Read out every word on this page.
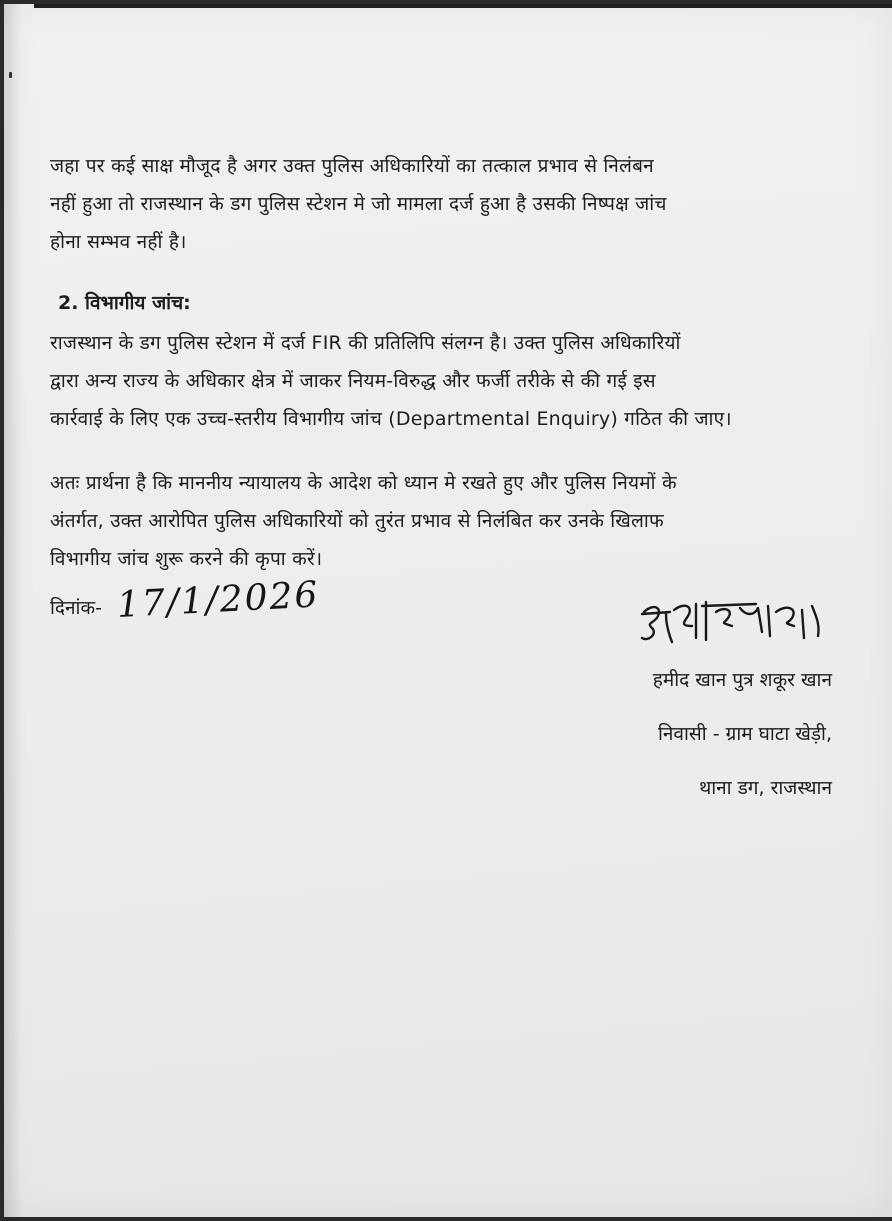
जहा पर कई साक्ष मौजूद है अगर उक्त पुलिस अधिकारियों का तत्काल प्रभाव से निलंबन
नहीं हुआ तो राजस्थान के डग पुलिस स्टेशन मे जो मामला दर्ज हुआ है उसकी निष्पक्ष जांच
होना सम्भव नहीं है।
2. विभागीय जांच:
राजस्थान के डग पुलिस स्टेशन में दर्ज FIR की प्रतिलिपि संलग्न है। उक्त पुलिस अधिकारियों
द्वारा अन्य राज्य के अधिकार क्षेत्र में जाकर नियम-विरुद्ध और फर्जी तरीके से की गई इस
कार्रवाई के लिए एक उच्च-स्तरीय विभागीय जांच (Departmental Enquiry) गठित की जाए।
अतः प्रार्थना है कि माननीय न्यायालय के आदेश को ध्यान मे रखते हुए और पुलिस नियमों के
अंतर्गत, उक्त आरोपित पुलिस अधिकारियों को तुरंत प्रभाव से निलंबित कर उनके खिलाफ
विभागीय जांच शुरू करने की कृपा करें।
दिनांक- 17/1/2026
हमीद खान पुत्र शकूर खान
निवासी - ग्राम घाटा खेड़ी,
थाना डग, राजस्थान
